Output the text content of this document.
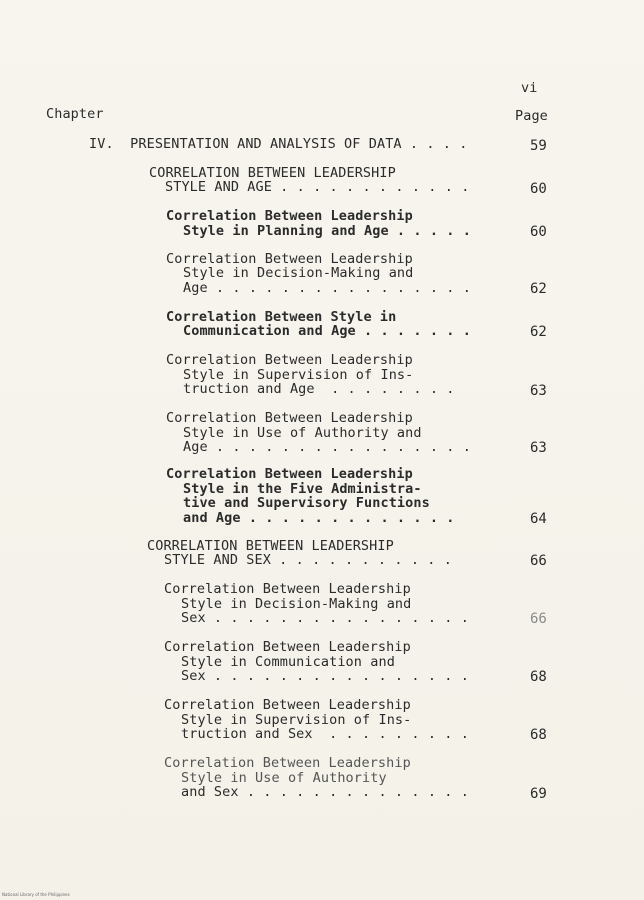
vi
Chapter	Page
IV.  PRESENTATION AND ANALYSIS OF DATA . . . .	59
CORRELATION BETWEEN LEADERSHIP
STYLE AND AGE . . . . . . . . . . . .	60
Correlation Between Leadership
Style in Planning and Age . . . . .	60
Correlation Between Leadership
Style in Decision-Making and
Age . . . . . . . . . . . . . . . .	62
Correlation Between Style in
Communication and Age . . . . . . .	62
Correlation Between Leadership
Style in Supervision of Ins-
truction and Age  . . . . . . . .	63
Correlation Between Leadership
Style in Use of Authority and
Age . . . . . . . . . . . . . . . .	63
Correlation Between Leadership
Style in the Five Administra-
tive and Supervisory Functions
and Age . . . . . . . . . . . . .	64
CORRELATION BETWEEN LEADERSHIP
STYLE AND SEX . . . . . . . . . . .	66
Correlation Between Leadership
Style in Decision-Making and
Sex . . . . . . . . . . . . . . . .	66
Correlation Between Leadership
Style in Communication and
Sex . . . . . . . . . . . . . . . .	68
Correlation Between Leadership
Style in Supervision of Ins-
truction and Sex  . . . . . . . . .	68
Correlation Between Leadership
Style in Use of Authority
and Sex . . . . . . . . . . . . . .	69
National Library of the Philippines
